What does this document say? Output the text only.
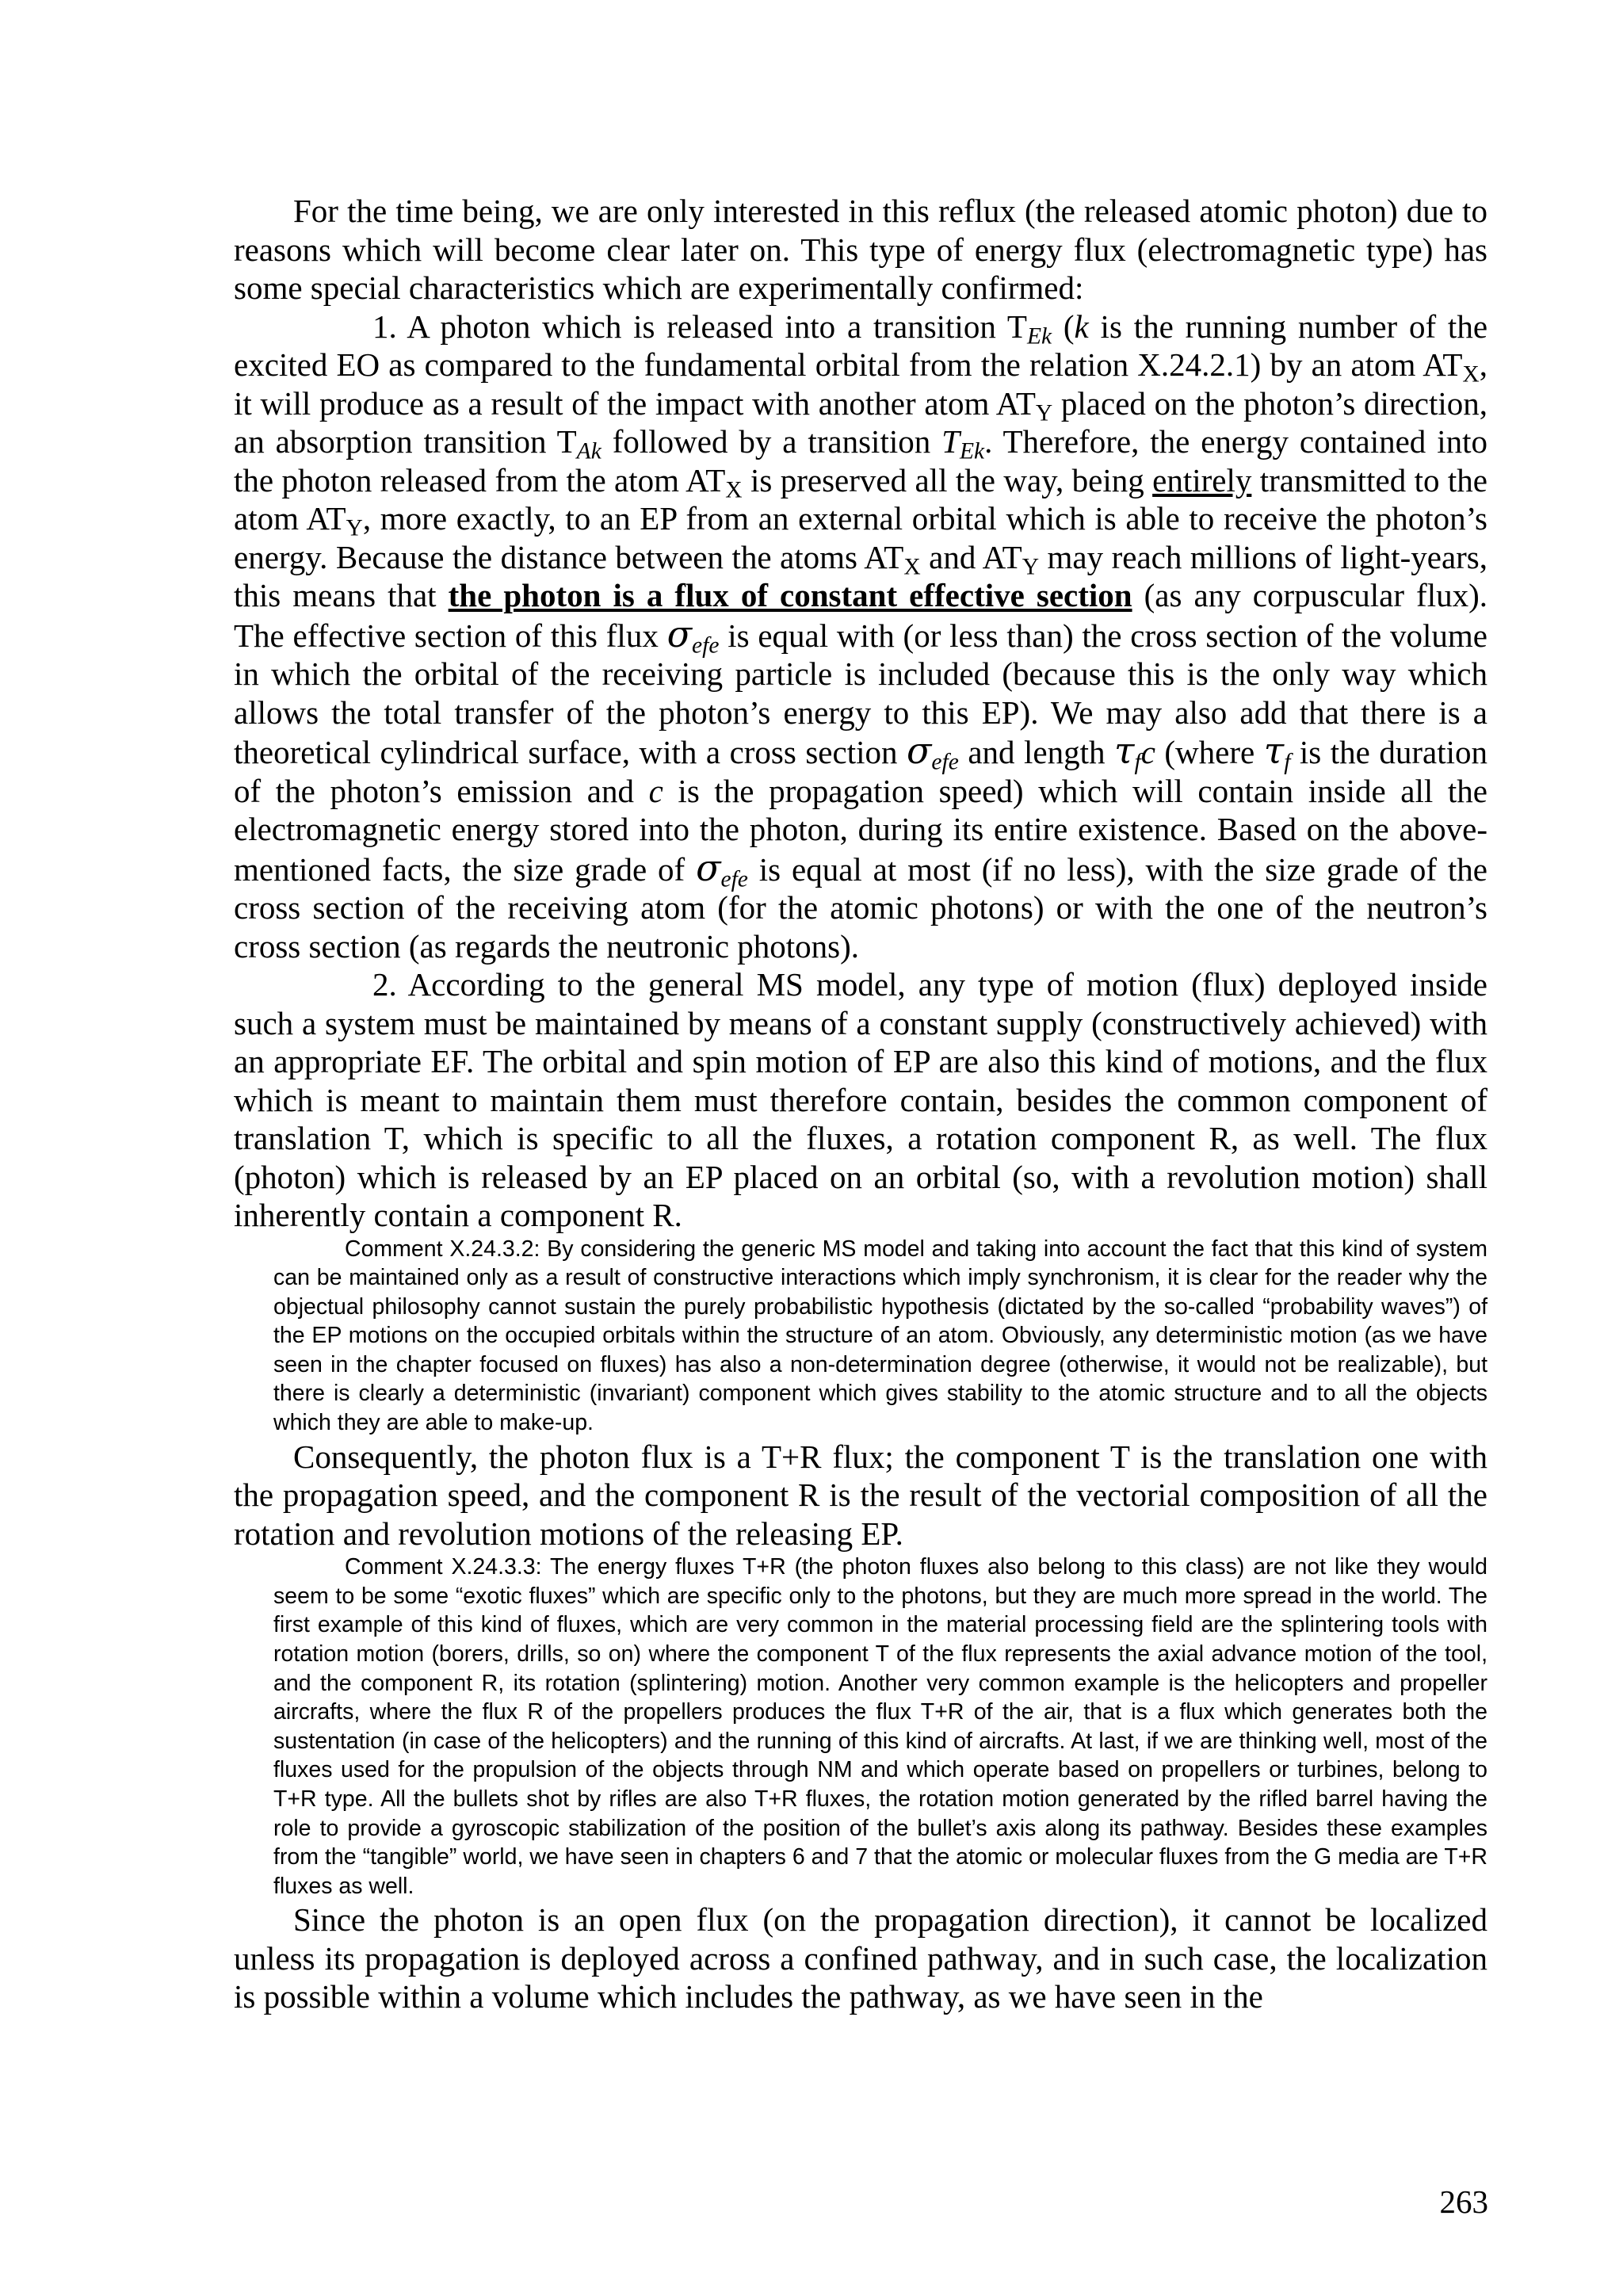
For the time being, we are only interested in this reflux (the released atomic photon) due to reasons which will become clear later on. This type of energy flux (electromagnetic type) has some special characteristics which are experimentally confirmed:

1. A photon which is released into a transition $T_{Ek}$ (k is the running number of the excited EO as compared to the fundamental orbital from the relation X.24.2.1) by an atom $AT_X$, it will produce as a result of the impact with another atom $AT_Y$ placed on the photon’s direction, an absorption transition $T_{Ak}$ followed by a transition $T_{Ek}$. Therefore, the energy contained into the photon released from the atom $AT_X$ is preserved all the way, being entirely transmitted to the atom $AT_Y$, more exactly, to an EP from an external orbital which is able to receive the photon’s energy. Because the distance between the atoms $AT_X$ and $AT_Y$ may reach millions of light-years, this means that the photon is a flux of constant effective section (as any corpuscular flux). The effective section of this flux $\sigma_{efe}$ is equal with (or less than) the cross section of the volume in which the orbital of the receiving particle is included (because this is the only way which allows the total transfer of the photon’s energy to this EP). We may also add that there is a theoretical cylindrical surface, with a cross section $\sigma_{efe}$ and length $\tau_fc$ (where $\tau_f$ is the duration of the photon’s emission and c is the propagation speed) which will contain inside all the electromagnetic energy stored into the photon, during its entire existence. Based on the above-mentioned facts, the size grade of $\sigma_{efe}$ is equal at most (if no less), with the size grade of the cross section of the receiving atom (for the atomic photons) or with the one of the neutron’s cross section (as regards the neutronic photons).

2. According to the general MS model, any type of motion (flux) deployed inside such a system must be maintained by means of a constant supply (constructively achieved) with an appropriate EF. The orbital and spin motion of EP are also this kind of motions, and the flux which is meant to maintain them must therefore contain, besides the common component of translation T, which is specific to all the fluxes, a rotation component R, as well. The flux (photon) which is released by an EP placed on an orbital (so, with a revolution motion) shall inherently contain a component R.

Comment X.24.3.2: By considering the generic MS model and taking into account the fact that this kind of system can be maintained only as a result of constructive interactions which imply synchronism, it is clear for the reader why the objectual philosophy cannot sustain the purely probabilistic hypothesis (dictated by the so-called “probability waves”) of the EP motions on the occupied orbitals within the structure of an atom. Obviously, any deterministic motion (as we have seen in the chapter focused on fluxes) has also a non-determination degree (otherwise, it would not be realizable), but there is clearly a deterministic (invariant) component which gives stability to the atomic structure and to all the objects which they are able to make-up.

Consequently, the photon flux is a T+R flux; the component T is the translation one with the propagation speed, and the component R is the result of the vectorial composition of all the rotation and revolution motions of the releasing EP.

Comment X.24.3.3: The energy fluxes T+R (the photon fluxes also belong to this class) are not like they would seem to be some “exotic fluxes” which are specific only to the photons, but they are much more spread in the world. The first example of this kind of fluxes, which are very common in the material processing field are the splintering tools with rotation motion (borers, drills, so on) where the component T of the flux represents the axial advance motion of the tool, and the component R, its rotation (splintering) motion. Another very common example is the helicopters and propeller aircrafts, where the flux R of the propellers produces the flux T+R of the air, that is a flux which generates both the sustentation (in case of the helicopters) and the running of this kind of aircrafts. At last, if we are thinking well, most of the fluxes used for the propulsion of the objects through NM and which operate based on propellers or turbines, belong to T+R type. All the bullets shot by rifles are also T+R fluxes, the rotation motion generated by the rifled barrel having the role to provide a gyroscopic stabilization of the position of the bullet’s axis along its pathway. Besides these examples from the “tangible” world, we have seen in chapters 6 and 7 that the atomic or molecular fluxes from the G media are T+R fluxes as well.

Since the photon is an open flux (on the propagation direction), it cannot be localized unless its propagation is deployed across a confined pathway, and in such case, the localization is possible within a volume which includes the pathway, as we have seen in the

263
